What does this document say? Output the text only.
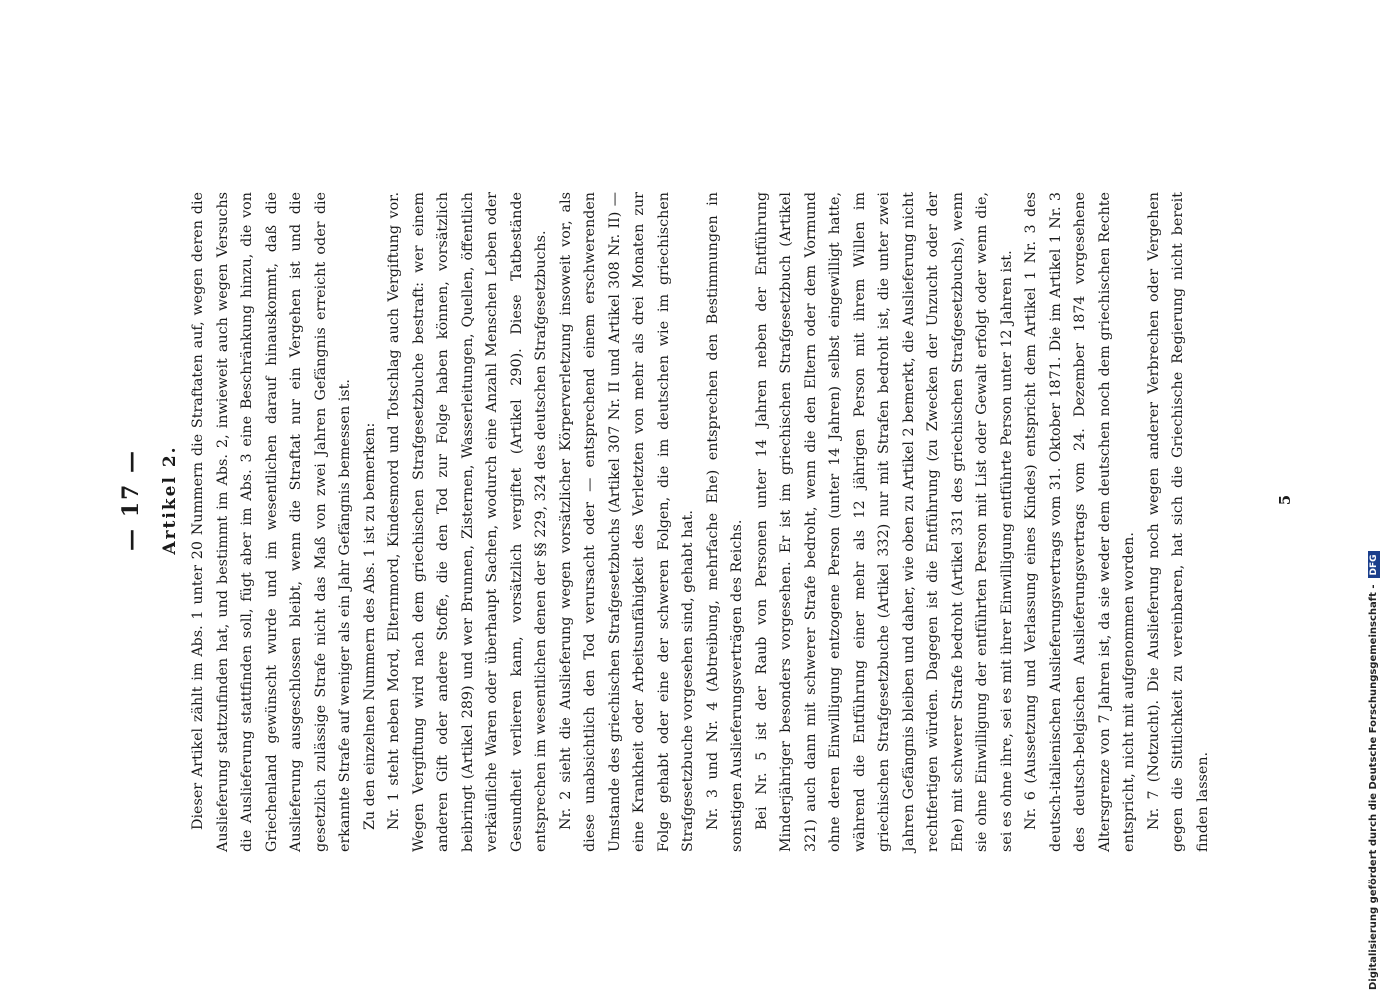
— 17 — Artikel 2. Dieser Artikel zählt im Abs. 1 unter 20 Nummern die Straftaten auf, wegen deren die Auslieferung stattzufinden hat, und bestimmt im Abs. 2, inwieweit auch wegen Versuchs die Auslieferung stattfinden soll, fügt aber im Abs. 3 eine Beschränkung hinzu, die von Griechenland gewünscht wurde und im wesentlichen darauf hinauskommt, daß die Auslieferung ausgeschlossen bleibt, wenn die Straftat nur ein Vergehen ist und die gesetzlich zulässige Strafe nicht das Maß von zwei Jahren Gefängnis erreicht oder die erkannte Strafe auf weniger als ein Jahr Gefängnis bemessen ist. Zu den einzelnen Nummern des Abs. 1 ist zu bemerken: Nr. 1 steht neben Mord, Elternmord, Kindesmord und Totschlag auch Vergiftung vor. Wegen Vergiftung wird nach dem griechischen Strafgesetzbuche bestraft: wer einem anderen Gift oder andere Stoffe, die den Tod zur Folge haben können, vorsätzlich beibringt (Artikel 289) und wer Brunnen, Zisternen, Wasserleitungen, Quellen, öffentlich verkäufliche Waren oder überhaupt Sachen, wodurch eine Anzahl Menschen Leben oder Gesundheit verlieren kann, vorsätzlich vergiftet (Artikel 290). Diese Tatbestände entsprechen im wesentlichen denen der §§ 229, 324 des deutschen Strafgesetzbuchs. Nr. 2 sieht die Auslieferung wegen vorsätzlicher Körperverletzung insoweit vor, als diese unabsichtlich den Tod verursacht oder — entsprechend einem erschwerenden Umstande des griechischen Strafgesetzbuchs (Artikel 307 Nr. II und Artikel 308 Nr. II) — eine Krankheit oder Arbeitsunfähigkeit des Verletzten von mehr als drei Monaten zur Folge gehabt oder eine der schweren Folgen, die im deutschen wie im griechischen Strafgesetzbuche vorgesehen sind, gehabt hat. Nr. 3 und Nr. 4 (Abtreibung, mehrfache Ehe) entsprechen den Bestimmungen in sonstigen Auslieferungsverträgen des Reichs. Bei Nr. 5 ist der Raub von Personen unter 14 Jahren neben der Entführung Minderjähriger besonders vorgesehen. Er ist im griechischen Strafgesetzbuch (Artikel 321) auch dann mit schwerer Strafe bedroht, wenn die den Eltern oder dem Vormund ohne deren Einwilligung entzogene Person (unter 14 Jahren) selbst eingewilligt hatte, während die Entführung einer mehr als 12 jährigen Person mit ihrem Willen im griechischen Strafgesetzbuche (Artikel 332) nur mit Strafen bedroht ist, die unter zwei Jahren Gefängnis bleiben und daher, wie oben zu Artikel 2 bemerkt, die Auslieferung nicht rechtfertigen würden. Dagegen ist die Entführung (zu Zwecken der Unzucht oder der Ehe) mit schwerer Strafe bedroht (Artikel 331 des griechischen Strafgesetzbuchs), wenn sie ohne Einwilligung der entführten Person mit List oder Gewalt erfolgt oder wenn die, sei es ohne ihre, sei es mit ihrer Einwilligung entführte Person unter 12 Jahren ist. Nr. 6 (Aussetzung und Verlassung eines Kindes) entspricht dem Artikel 1 Nr. 3 des deutsch-italienischen Auslieferungsvertrags vom 31. Oktober 1871. Die im Artikel 1 Nr. 3 des deutsch-belgischen Auslieferungsvertrags vom 24. Dezember 1874 vorgesehene Altersgrenze von 7 Jahren ist, da sie weder dem deutschen noch dem griechischen Rechte entspricht, nicht mit aufgenommen worden. Nr. 7 (Notzucht). Die Auslieferung noch wegen anderer Verbrechen oder Vergehen gegen die Sittlichkeit zu vereinbaren, hat sich die Griechische Regierung nicht bereit finden lassen.

5
Digitalisierung gefördert durch die Deutsche Forschungsgemeinschaft -DFG
